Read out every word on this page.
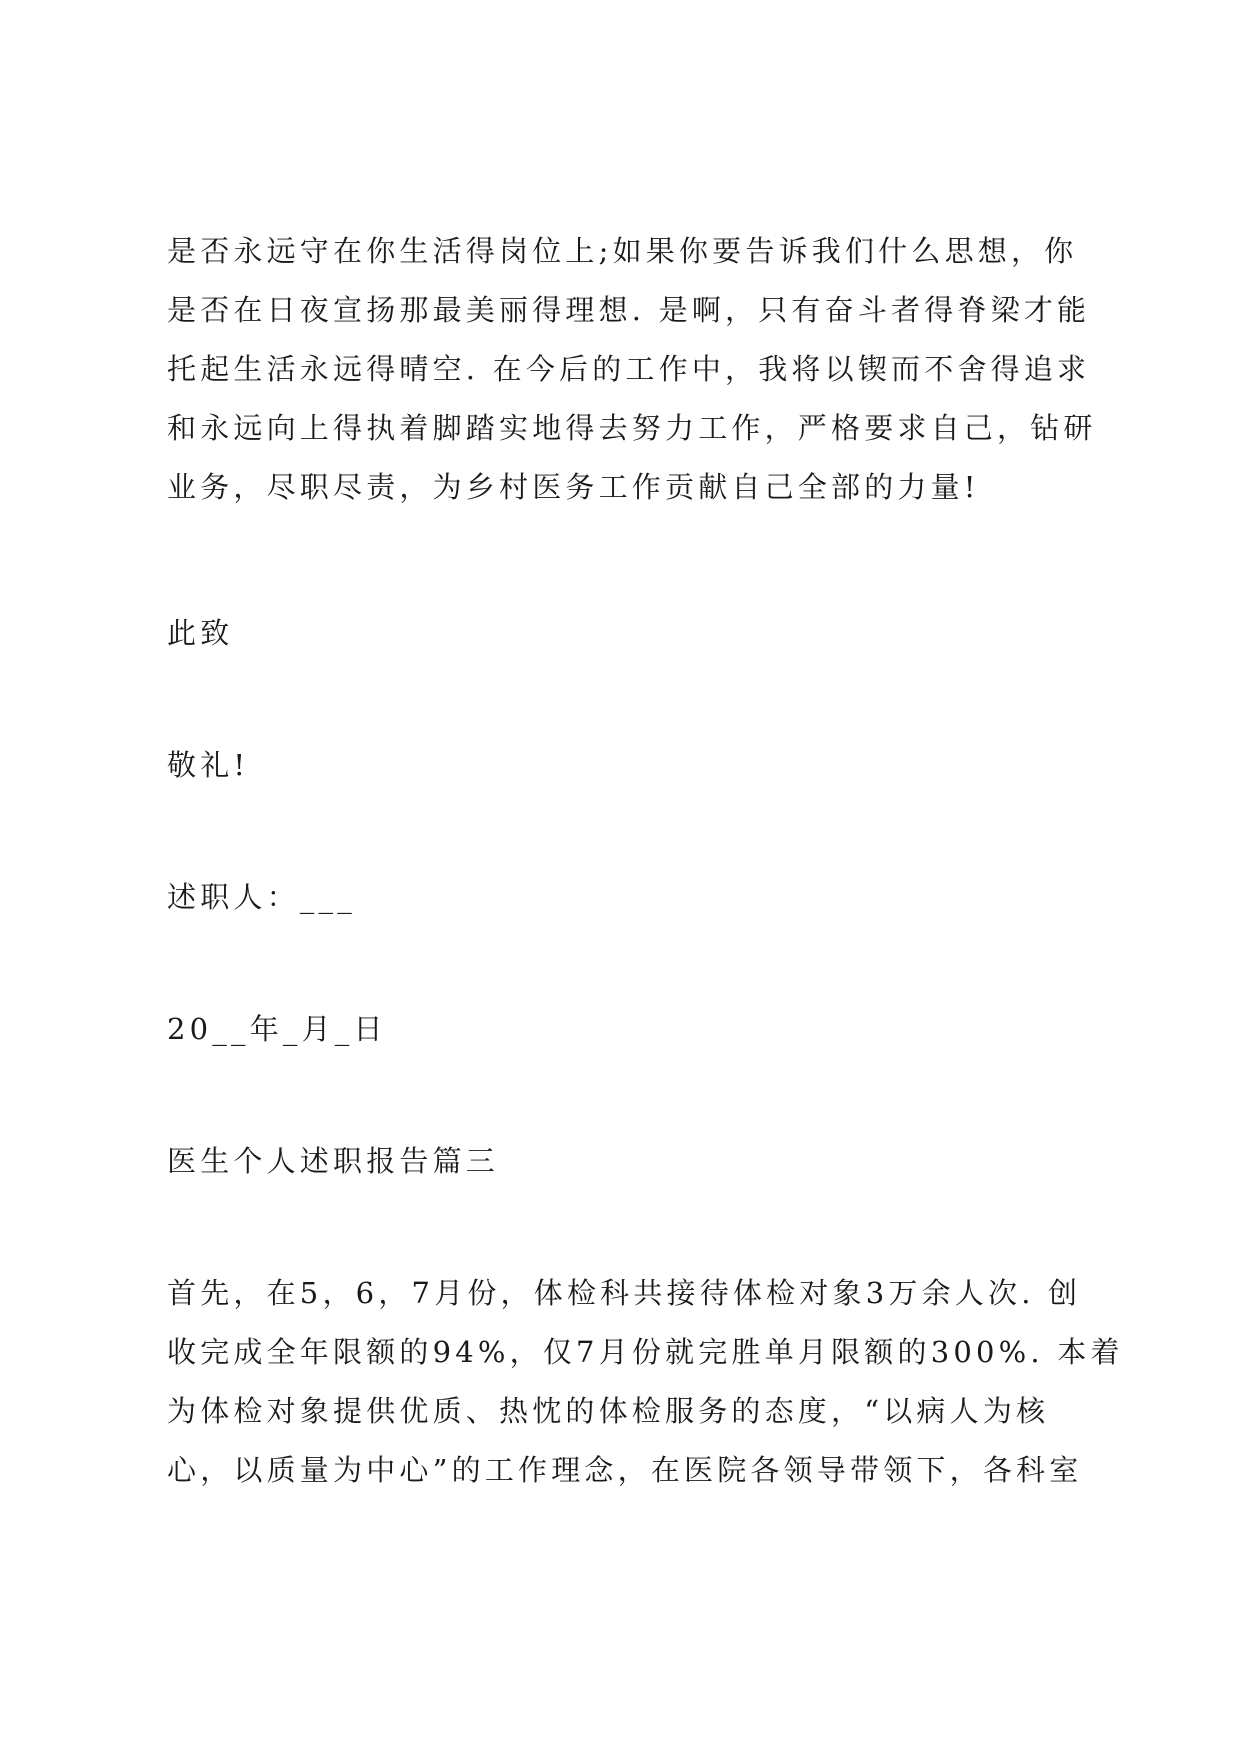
是否永远守在你生活得岗位上;如果你要告诉我们什么思想，你
是否在日夜宣扬那最美丽得理想. 是啊，只有奋斗者得脊梁才能
托起生活永远得晴空. 在今后的工作中，我将以锲而不舍得追求
和永远向上得执着脚踏实地得去努力工作，严格要求自己，钻研
业务，尽职尽责，为乡村医务工作贡献自己全部的力量!
此致
敬礼!
述职人：___
20__年_月_日
医生个人述职报告篇三
首先，在5，6，7月份，体检科共接待体检对象3万余人次. 创
收完成全年限额的94%，仅7月份就完胜单月限额的300%. 本着
为体检对象提供优质、热忱的体检服务的态度，“以病人为核
心，以质量为中心”的工作理念，在医院各领导带领下，各科室
